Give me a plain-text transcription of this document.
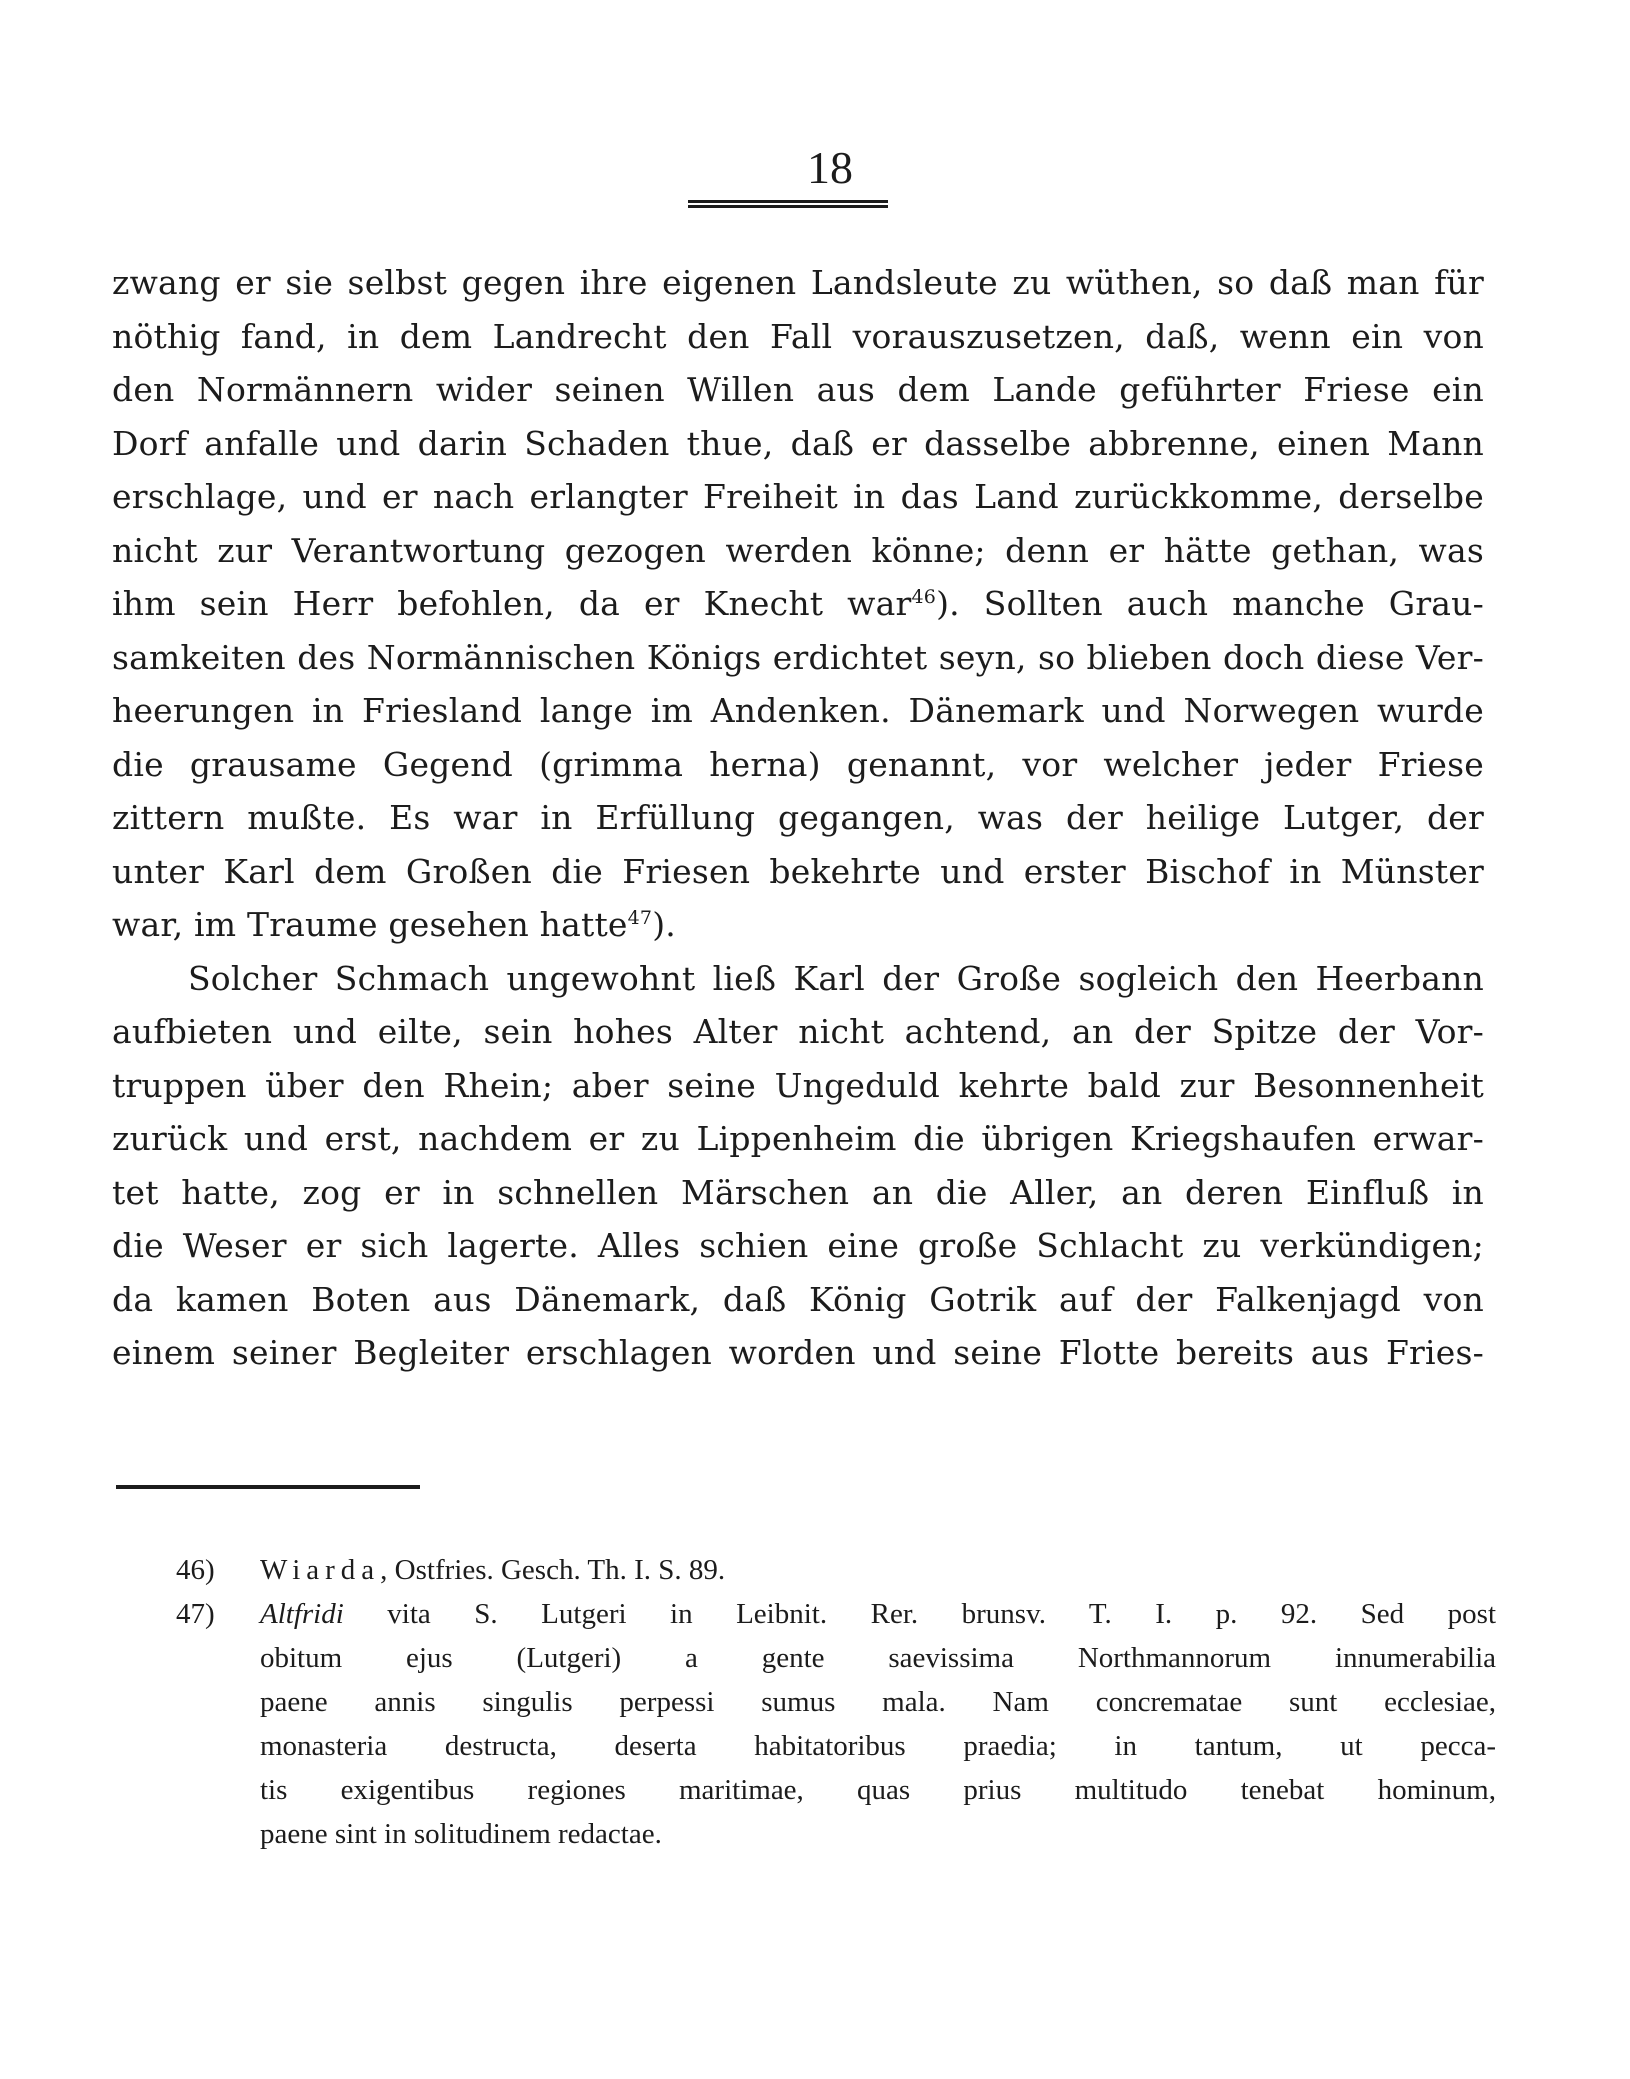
18
zwang er sie selbst gegen ihre eigenen Landsleute zu wüthen, so daß man für
nöthig fand, in dem Landrecht den Fall vorauszusetzen, daß, wenn ein von
den Normännern wider seinen Willen aus dem Lande geführter Friese ein
Dorf anfalle und darin Schaden thue, daß er dasselbe abbrenne, einen Mann
erschlage, und er nach erlangter Freiheit in das Land zurückkomme, derselbe
nicht zur Verantwortung gezogen werden könne; denn er hätte gethan, was
ihm sein Herr befohlen, da er Knecht war$^{46}$). Sollten auch manche Grau-
samkeiten des Normännischen Königs erdichtet seyn, so blieben doch diese Ver-
heerungen in Friesland lange im Andenken. Dänemark und Norwegen wurde
die grausame Gegend (grimma herna) genannt, vor welcher jeder Friese
zittern mußte. Es war in Erfüllung gegangen, was der heilige Lutger, der
unter Karl dem Großen die Friesen bekehrte und erster Bischof in Münster
war, im Traume gesehen hatte$^{47}$).
Solcher Schmach ungewohnt ließ Karl der Große sogleich den Heerbann
aufbieten und eilte, sein hohes Alter nicht achtend, an der Spitze der Vor-
truppen über den Rhein; aber seine Ungeduld kehrte bald zur Besonnenheit
zurück und erst, nachdem er zu Lippenheim die übrigen Kriegshaufen erwar-
tet hatte, zog er in schnellen Märschen an die Aller, an deren Einfluß in
die Weser er sich lagerte. Alles schien eine große Schlacht zu verkündigen;
da kamen Boten aus Dänemark, daß König Gotrik auf der Falkenjagd von
einem seiner Begleiter erschlagen worden und seine Flotte bereits aus Fries-
46)	Wiarda, Ostfries. Gesch. Th. I. S. 89.
47)	Altfridi vita S. Lutgeri in Leibnit. Rer. brunsv. T. I. p. 92. Sed post
obitum ejus (Lutgeri) a gente saevissima Northmannorum innumerabilia
paene annis singulis perpessi sumus mala. Nam concrematae sunt ecclesiae,
monasteria destructa, deserta habitatoribus praedia; in tantum, ut pecca-
tis exigentibus regiones maritimae, quas prius multitudo tenebat hominum,
paene sint in solitudinem redactae.
